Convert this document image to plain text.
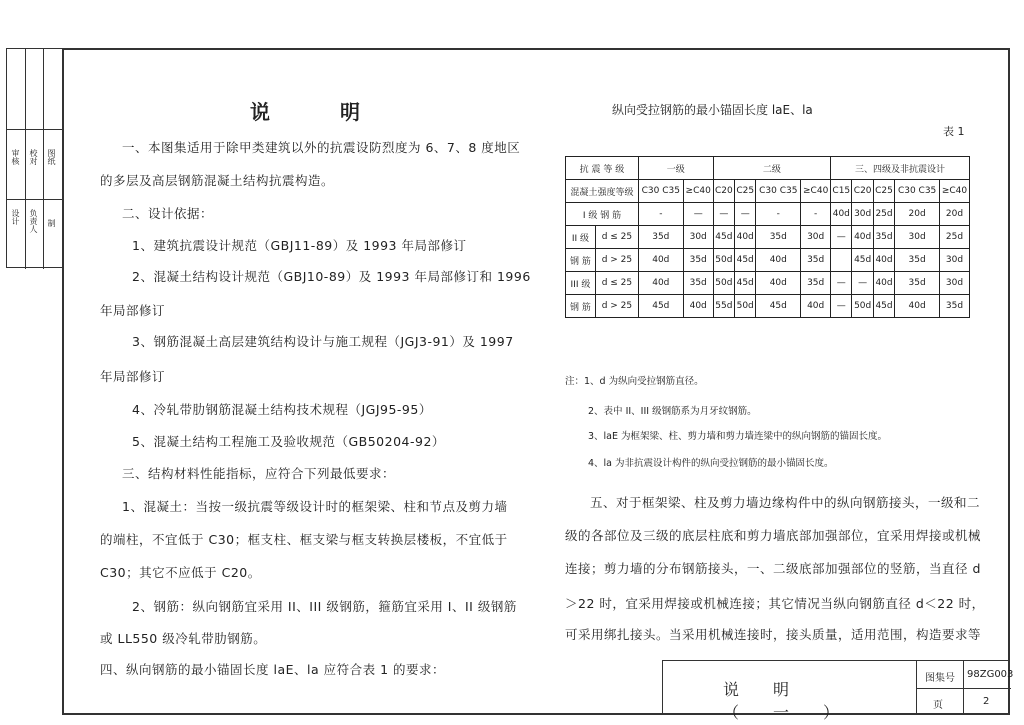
审核 校对
设计 负责人
图纸
制
说明
一、本图集适用于除甲类建筑以外的抗震设防烈度为 6、7、8 度地区
的多层及高层钢筋混凝土结构抗震构造。
二、设计依据：
1、建筑抗震设计规范（GBJ11-89）及 1993 年局部修订
2、混凝土结构设计规范（GBJ10-89）及 1993 年局部修订和 1996
年局部修订
3、钢筋混凝土高层建筑结构设计与施工规程（JGJ3-91）及 1997
年局部修订
4、冷轧带肋钢筋混凝土结构技术规程（JGJ95-95）
5、混凝土结构工程施工及验收规范（GB50204-92）
三、结构材料性能指标，应符合下列最低要求：
1、混凝土：当按一级抗震等级设计时的框架梁、柱和节点及剪力墙
的端柱，不宜低于 C30；框支柱、框支梁与框支转换层楼板，不宜低于
C30；其它不应低于 C20。
2、钢筋：纵向钢筋宜采用 II、III 级钢筋，箍筋宜采用 I、II 级钢筋
或 LL550 级冷轧带肋钢筋。
四、纵向钢筋的最小锚固长度 laE、la 应符合表 1 的要求：
纵向受拉钢筋的最小锚固长度 laE、la
表 1
抗 震 等 级		一级		二级				三、四级及非抗震设计				
混凝土强度等级		C30 C35	≥C40	C20	C25	C30 C35	≥C40	C15	C20	C25	C30 C35	≥C40
I 级 钢 筋		-	—	—	—	-	-	40d	30d	25d	20d	20d
II 级	d ≤ 25	35d	30d	45d	40d	35d	30d	—	40d	35d	30d	25d
钢 筋	d > 25	40d	35d	50d	45d	40d	35d		45d	40d	35d	30d
III 级	d ≤ 25	40d	35d	50d	45d	40d	35d	—	—	40d	35d	30d
钢 筋	d > 25	45d	40d	55d	50d	45d	40d	—	50d	45d	40d	35d
注：1、d 为纵向受拉钢筋直径。
2、表中 II、III 级钢筋系为月牙纹钢筋。
3、laE 为框架梁、柱、剪力墙和剪力墙连梁中的纵向钢筋的锚固长度。
4、la 为非抗震设计构件的纵向受拉钢筋的最小锚固长度。
五、对于框架梁、柱及剪力墙边缘构件中的纵向钢筋接头，一级和二
级的各部位及三级的底层柱底和剪力墙底部加强部位，宜采用焊接或机械
连接；剪力墙的分布钢筋接头，一、二级底部加强部位的竖筋，当直径 d
＞22 时，宜采用焊接或机械连接；其它情况当纵向钢筋直径 d＜22 时，
可采用绑扎接头。当采用机械连接时，接头质量，适用范围，构造要求等
说明（一）
图集号 98ZG003
页	2
